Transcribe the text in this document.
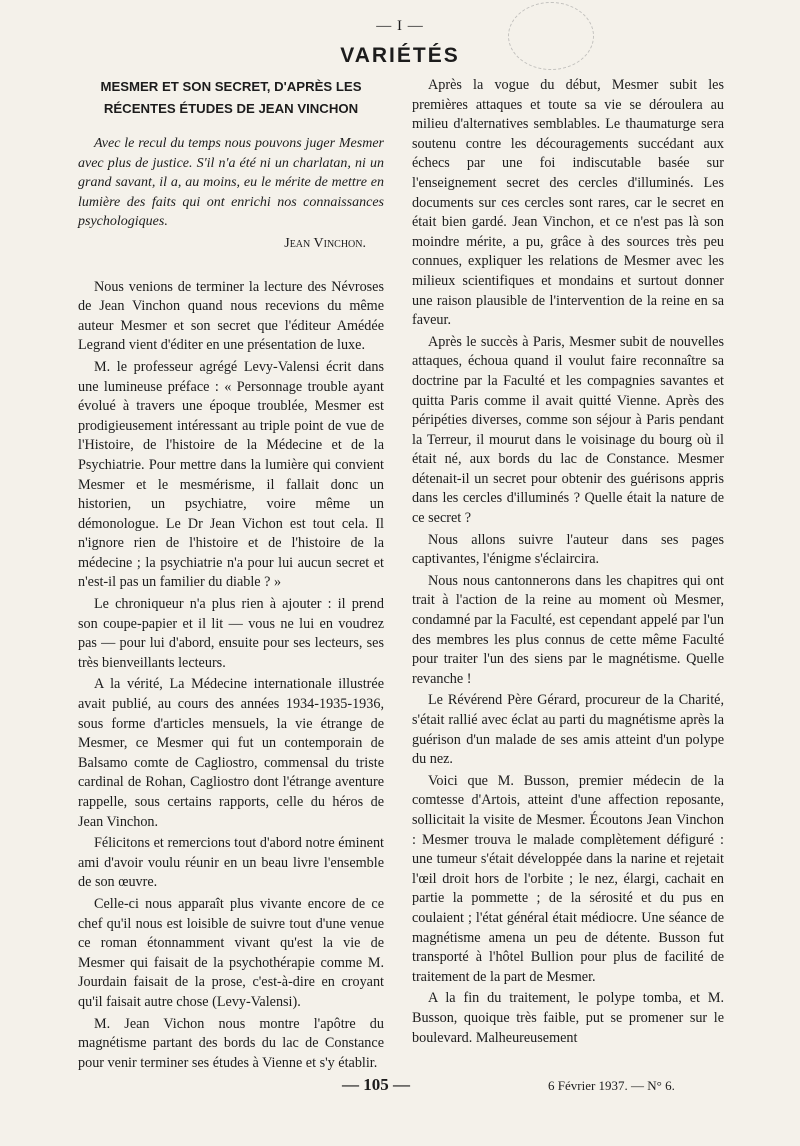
— I —
VARIÉTÉS
MESMER ET SON SECRET, D'APRÈS LES
RÉCENTES ÉTUDES DE JEAN VINCHON

Avec le recul du temps nous pouvons juger Mesmer avec plus de justice. S'il n'a été ni un charlatan, ni un grand savant, il a, au moins, eu le mérite de mettre en lumière des faits qui ont enrichi nos connaissances psychologiques.

Jean Vinchon.

Nous venions de terminer la lecture des Névroses de Jean Vinchon quand nous recevions du même auteur Mesmer et son secret que l'éditeur Amédée Legrand vient d'éditer en une présentation de luxe.

M. le professeur agrégé Levy-Valensi écrit dans une lumineuse préface : « Personnage trouble ayant évolué à travers une époque troublée, Mesmer est prodigieusement intéressant au triple point de vue de l'Histoire, de l'histoire de la Médecine et de la Psychiatrie. Pour mettre dans la lumière qui convient Mesmer et le mesmérisme, il fallait donc un historien, un psychiatre, voire même un démonologue. Le Dr Jean Vichon est tout cela. Il n'ignore rien de l'histoire et de l'histoire de la médecine ; la psychiatrie n'a pour lui aucun secret et n'est-il pas un familier du diable ? »

Le chroniqueur n'a plus rien à ajouter : il prend son coupe-papier et il lit — vous ne lui en voudrez pas — pour lui d'abord, ensuite pour ses lecteurs, ses très bienveillants lecteurs.

A la vérité, La Médecine internationale illustrée avait publié, au cours des années 1934-1935-1936, sous forme d'articles mensuels, la vie étrange de Mesmer, ce Mesmer qui fut un contemporain de Balsamo comte de Cagliostro, commensal du triste cardinal de Rohan, Cagliostro dont l'étrange aventure rappelle, sous certains rapports, celle du héros de Jean Vinchon.

Félicitons et remercions tout d'abord notre éminent ami d'avoir voulu réunir en un beau livre l'ensemble de son œuvre.

Celle-ci nous apparaît plus vivante encore de ce chef qu'il nous est loisible de suivre tout d'une venue ce roman étonnamment vivant qu'est la vie de Mesmer qui faisait de la psychothérapie comme M. Jourdain faisait de la prose, c'est-à-dire en croyant qu'il faisait autre chose (Levy-Valensi).

M. Jean Vichon nous montre l'apôtre du magnétisme partant des bords du lac de Constance pour venir terminer ses études à Vienne et s'y établir.

Après la vogue du début, Mesmer subit les premières attaques et toute sa vie se déroulera au milieu d'alternatives semblables. Le thaumaturge sera soutenu contre les découragements succédant aux échecs par une foi indiscutable basée sur l'enseignement secret des cercles d'illuminés. Les documents sur ces cercles sont rares, car le secret en était bien gardé. Jean Vinchon, et ce n'est pas là son moindre mérite, a pu, grâce à des sources très peu connues, expliquer les relations de Mesmer avec les milieux scientifiques et mondains et surtout donner une raison plausible de l'intervention de la reine en sa faveur.

Après le succès à Paris, Mesmer subit de nouvelles attaques, échoua quand il voulut faire reconnaître sa doctrine par la Faculté et les compagnies savantes et quitta Paris comme il avait quitté Vienne. Après des péripéties diverses, comme son séjour à Paris pendant la Terreur, il mourut dans le voisinage du bourg où il était né, aux bords du lac de Constance. Mesmer détenait-il un secret pour obtenir des guérisons appris dans les cercles d'illuminés ? Quelle était la nature de ce secret ?

Nous allons suivre l'auteur dans ses pages captivantes, l'énigme s'éclaircira.

Nous nous cantonnerons dans les chapitres qui ont trait à l'action de la reine au moment où Mesmer, condamné par la Faculté, est cependant appelé par l'un des membres les plus connus de cette même Faculté pour traiter l'un des siens par le magnétisme. Quelle revanche !

Le Révérend Père Gérard, procureur de la Charité, s'était rallié avec éclat au parti du magnétisme après la guérison d'un malade de ses amis atteint d'un polype du nez.

Voici que M. Busson, premier médecin de la comtesse d'Artois, atteint d'une affection reposante, sollicitait la visite de Mesmer. Écoutons Jean Vinchon : Mesmer trouva le malade complètement défiguré : une tumeur s'était développée dans la narine et rejetait l'œil droit hors de l'orbite ; le nez, élargi, cachait en partie la pommette ; de la sérosité et du pus en coulaient ; l'état général était médiocre. Une séance de magnétisme amena un peu de détente. Busson fut transporté à l'hôtel Bullion pour plus de facilité de traitement de la part de Mesmer.

A la fin du traitement, le polype tomba, et M. Busson, quoique très faible, put se promener sur le boulevard. Malheureusement

— 105 —	6 Février 1937. — N° 6.
